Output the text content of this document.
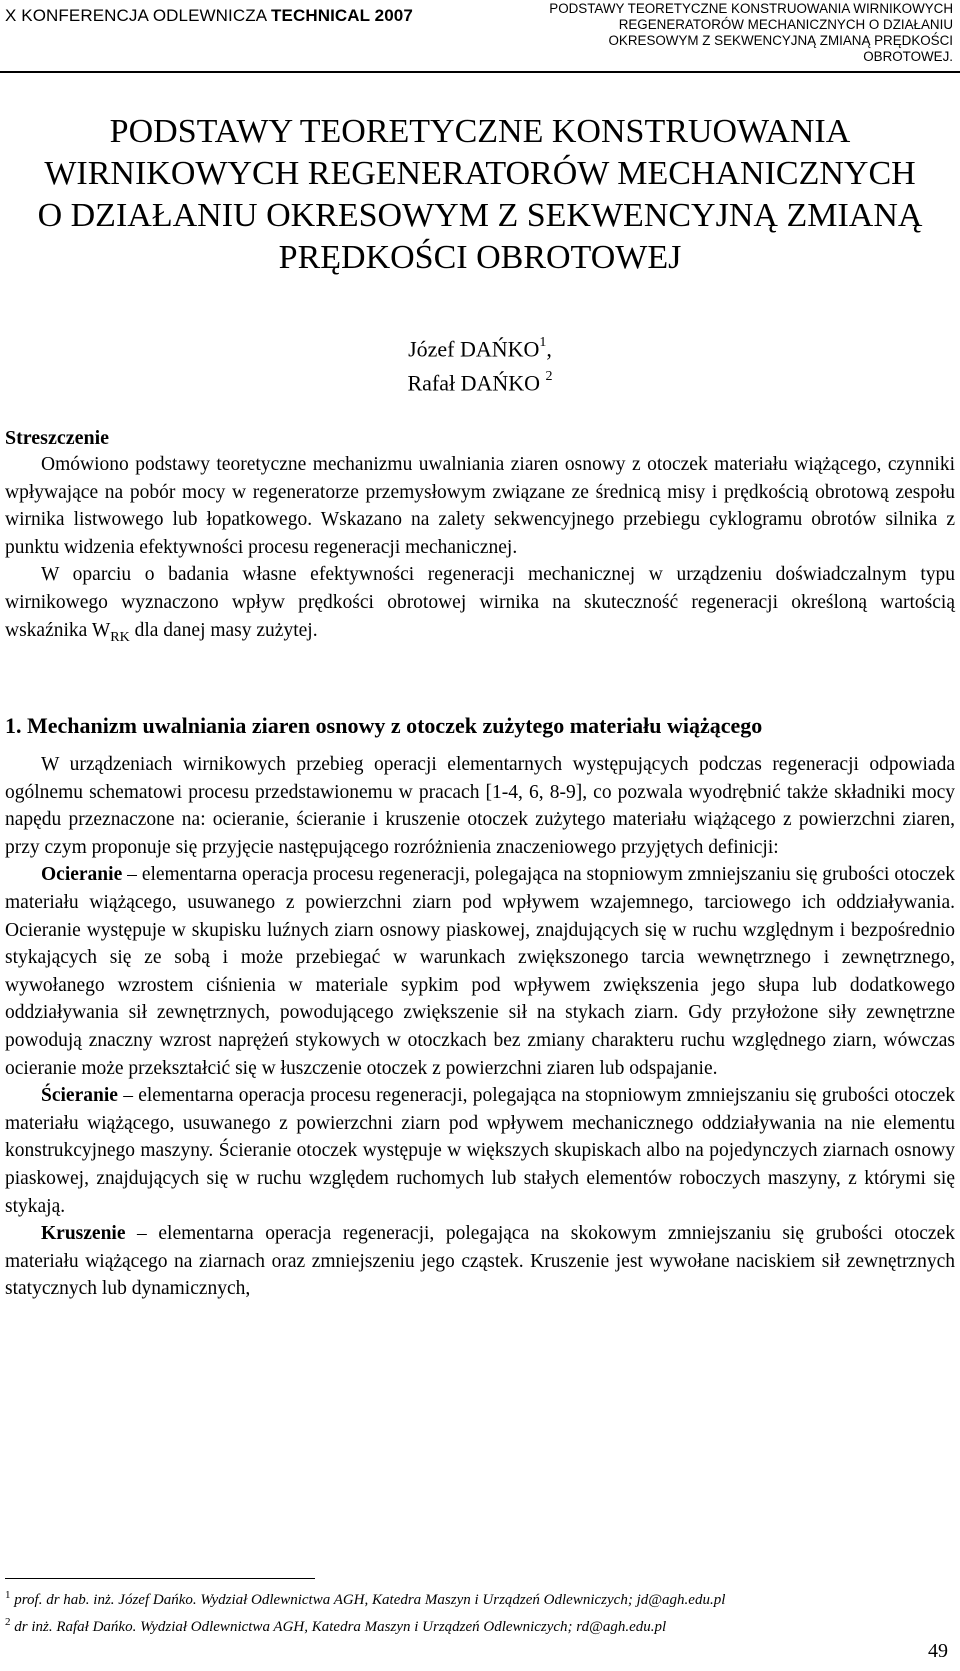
X KONFERENCJA ODLEWNICZA TECHNICAL 2007	PODSTAWY TEORETYCZNE KONSTRUOWANIA WIRNIKOWYCH REGENERATORÓW MECHANICZNYCH O DZIAŁANIU OKRESOWYM Z SEKWENCYJNĄ ZMIANĄ PRĘDKOŚCI OBROTOWEJ.
PODSTAWY TEORETYCZNE KONSTRUOWANIA WIRNIKOWYCH REGENERATORÓW MECHANICZNYCH O DZIAŁANIU OKRESOWYM Z SEKWENCYJNĄ ZMIANĄ PRĘDKOŚCI OBROTOWEJ
Józef DAŃKO$^1$,
Rafał DAŃKO $^2$
Streszczenie

Omówiono podstawy teoretyczne mechanizmu uwalniania ziaren osnowy z otoczek materiału wiążącego, czynniki wpływające na pobór mocy w regeneratorze przemysłowym związane ze średnicą misy i prędkością obrotową zespołu wirnika listwowego lub łopatkowego. Wskazano na zalety sekwencyjnego przebiegu cyklogramu obrotów silnika z punktu widzenia efektywności procesu regeneracji mechanicznej.

W oparciu o badania własne efektywności regeneracji mechanicznej w urządzeniu doświadczalnym typu wirnikowego wyznaczono wpływ prędkości obrotowej wirnika na skuteczność regeneracji określoną wartością wskaźnika $W_{RK}$ dla danej masy zużytej.

1. Mechanizm uwalniania ziaren osnowy z otoczek zużytego materiału wiążącego

W urządzeniach wirnikowych przebieg operacji elementarnych występujących podczas regeneracji odpowiada ogólnemu schematowi procesu przedstawionemu w pracach [1-4, 6, 8-9], co pozwala wyodrębnić także składniki mocy napędu przeznaczone na: ocieranie, ścieranie i kruszenie otoczek zużytego materiału wiążącego z powierzchni ziaren, przy czym proponuje się przyjęcie następującego rozróżnienia znaczeniowego przyjętych definicji:

Ocieranie – elementarna operacja procesu regeneracji, polegająca na stopniowym zmniejszaniu się grubości otoczek materiału wiążącego, usuwanego z powierzchni ziarn pod wpływem wzajemnego, tarciowego ich oddziaływania. Ocieranie występuje w skupisku luźnych ziarn osnowy piaskowej, znajdujących się w ruchu względnym i bezpośrednio stykających się ze sobą i może przebiegać w warunkach zwiększonego tarcia wewnętrznego i zewnętrznego, wywołanego wzrostem ciśnienia w materiale sypkim pod wpływem zwiększenia jego słupa lub dodatkowego oddziaływania sił zewnętrznych, powodującego zwiększenie sił na stykach ziarn. Gdy przyłożone siły zewnętrzne powodują znaczny wzrost naprężeń stykowych w otoczkach bez zmiany charakteru ruchu względnego ziarn, wówczas ocieranie może przekształcić się w łuszczenie otoczek z powierzchni ziaren lub odspajanie.

Ścieranie – elementarna operacja procesu regeneracji, polegająca na stopniowym zmniejszaniu się grubości otoczek materiału wiążącego, usuwanego z powierzchni ziarn pod wpływem mechanicznego oddziaływania na nie elementu konstrukcyjnego maszyny. Ścieranie otoczek występuje w większych skupiskach albo na pojedynczych ziarnach osnowy piaskowej, znajdujących się w ruchu względem ruchomych lub stałych elementów roboczych maszyny, z którymi się stykają.

Kruszenie – elementarna operacja regeneracji, polegająca na skokowym zmniejszaniu się grubości otoczek materiału wiążącego na ziarnach oraz zmniejszeniu jego cząstek. Kruszenie jest wywołane naciskiem sił zewnętrznych statycznych lub dynamicznych,

$^1$ prof. dr hab. inż. Józef Dańko. Wydział Odlewnictwa AGH, Katedra Maszyn i Urządzeń Odlewniczych; jd@agh.edu.pl
$^2$ dr inż. Rafał Dańko. Wydział Odlewnictwa AGH, Katedra Maszyn i Urządzeń Odlewniczych; rd@agh.edu.pl
49
